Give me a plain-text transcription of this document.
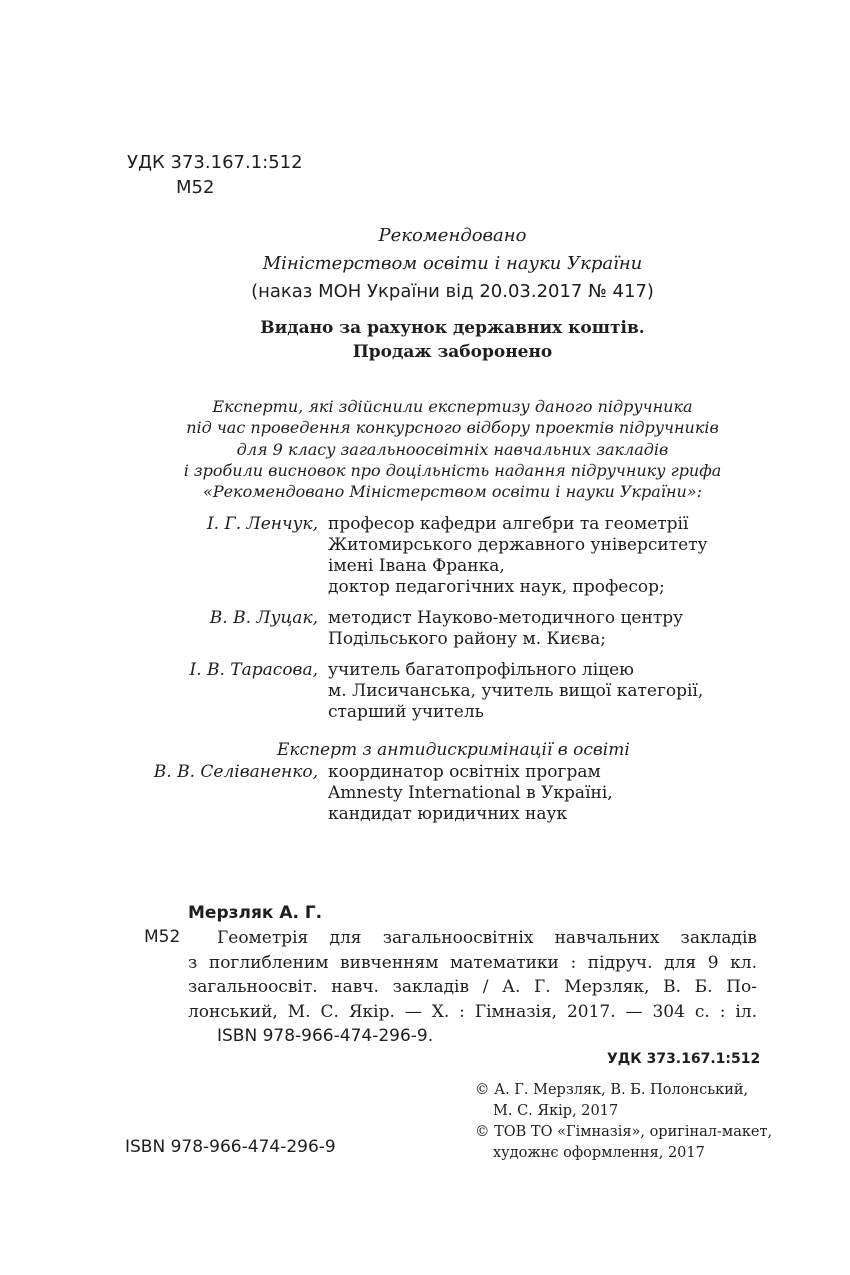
УДК 373.167.1:512
М52
Рекомендовано
Міністерством освіти і науки України
(наказ МОН України від 20.03.2017 № 417)
Видано за рахунок державних коштів.
Продаж заборонено
Експерти, які здійснили експертизу даного підручника
під час проведення конкурсного відбору проектів підручників
для 9 класу загальноосвітніх навчальних закладів
і зробили висновок про доцільність надання підручнику грифа
«Рекомендовано Міністерством освіти і науки України»:
І. Г. Ленчук, професор кафедри алгебри та геометрії
Житомирського державного університету
імені Івана Франка,
доктор педагогічних наук, професор;
В. В. Луцак, методист Науково-методичного центру
Подільського району м. Києва;
І. В. Тарасова, учитель багатопрофільного ліцею
м. Лисичанська, учитель вищої категорії,
старший учитель
Експерт з антидискримінації в освіті
В. В. Селіваненко, координатор освітніх програм
Amnesty International в Україні,
кандидат юридичних наук
Мерзляк А. Г.
М52 Геометрія для загальноосвітніх навчальних закладів
з поглибленим вивченням математики : підруч. для 9 кл.
загальноосвіт. навч. закладів / А. Г. Мерзляк, В. Б. По-
лонський, М. С. Якір. — Х. : Гімназія, 2017. — 304 с. : іл.
ISBN 978-966-474-296-9.
УДК 373.167.1:512
© А. Г. Мерзляк, В. Б. Полонський,
М. С. Якір, 2017
© ТОВ ТО «Гімназія», оригінал-макет,
художнє оформлення, 2017
ISBN 978-966-474-296-9
